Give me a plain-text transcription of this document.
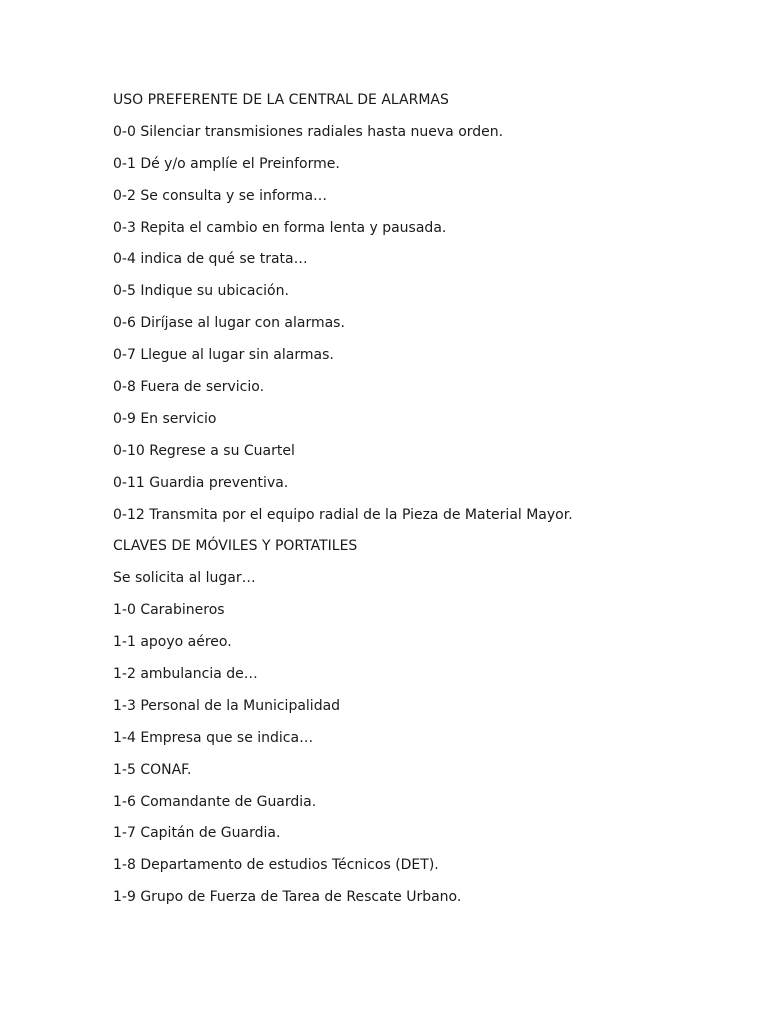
USO PREFERENTE DE LA CENTRAL DE ALARMAS
0-0 Silenciar transmisiones radiales hasta nueva orden.
0-1 Dé y/o amplíe el Preinforme.
0-2 Se consulta y se informa…
0-3 Repita el cambio en forma lenta y pausada.
0-4 indica de qué se trata…
0-5 Indique su ubicación.
0-6 Diríjase al lugar con alarmas.
0-7 Llegue al lugar sin alarmas.
0-8 Fuera de servicio.
0-9 En servicio
0-10 Regrese a su Cuartel
0-11 Guardia preventiva.
0-12 Transmita por el equipo radial de la Pieza de Material Mayor.
CLAVES DE MÓVILES Y PORTATILES
Se solicita al lugar…
1-0 Carabineros
1-1 apoyo aéreo.
1-2 ambulancia de…
1-3 Personal de la Municipalidad
1-4 Empresa que se indica…
1-5 CONAF.
1-6 Comandante de Guardia.
1-7 Capitán de Guardia.
1-8 Departamento de estudios Técnicos (DET).
1-9 Grupo de Fuerza de Tarea de Rescate Urbano.
